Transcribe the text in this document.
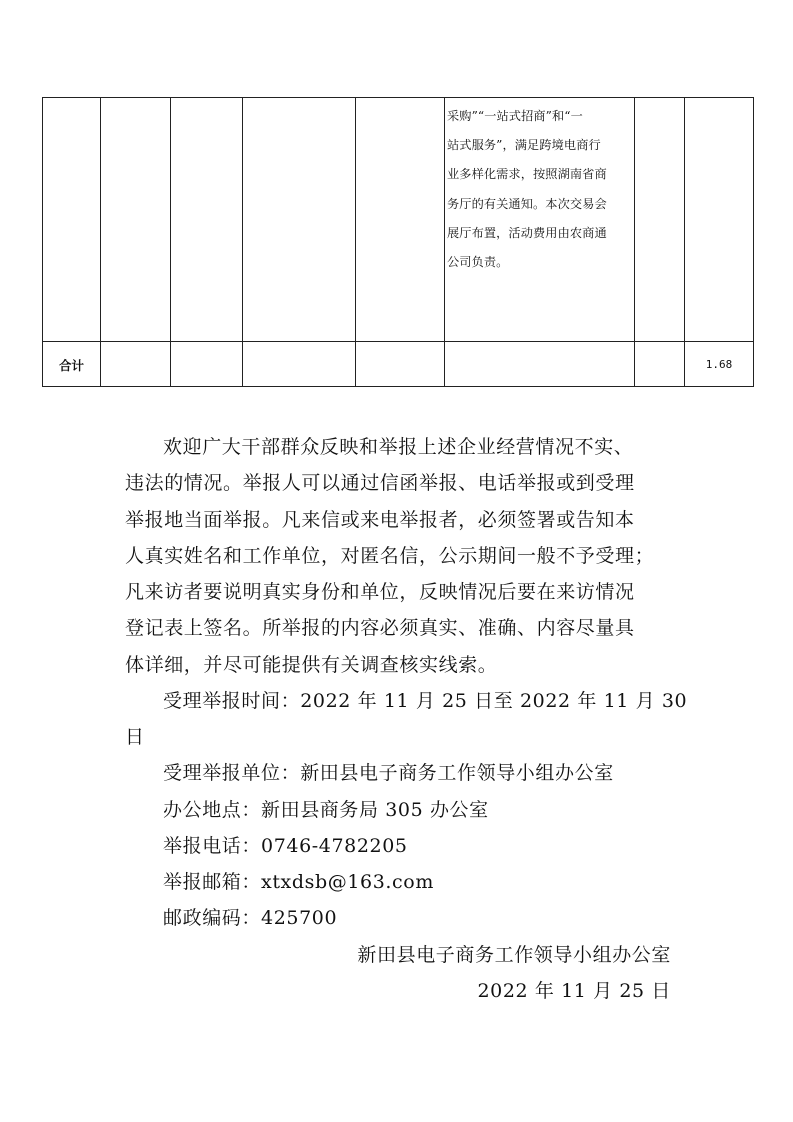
采购”“一站式招商”和“一
站式服务”，满足跨境电商行
业多样化需求，按照湖南省商
务厅的有关通知。本次交易会
展厅布置，活动费用由农商通
公司负责。
合计	1.68
欢迎广大干部群众反映和举报上述企业经营情况不实、
违法的情况。举报人可以通过信函举报、电话举报或到受理
举报地当面举报。凡来信或来电举报者，必须签署或告知本
人真实姓名和工作单位，对匿名信，公示期间一般不予受理；
凡来访者要说明真实身份和单位，反映情况后要在来访情况
登记表上签名。所举报的内容必须真实、准确、内容尽量具
体详细，并尽可能提供有关调查核实线索。
受理举报时间：2022 年 11 月 25 日至 2022 年 11 月 30
日
受理举报单位：新田县电子商务工作领导小组办公室
办公地点：新田县商务局 305 办公室
举报电话：0746-4782205
举报邮箱：xtxdsb@163.com
邮政编码：425700
新田县电子商务工作领导小组办公室
2022 年 11 月 25 日
